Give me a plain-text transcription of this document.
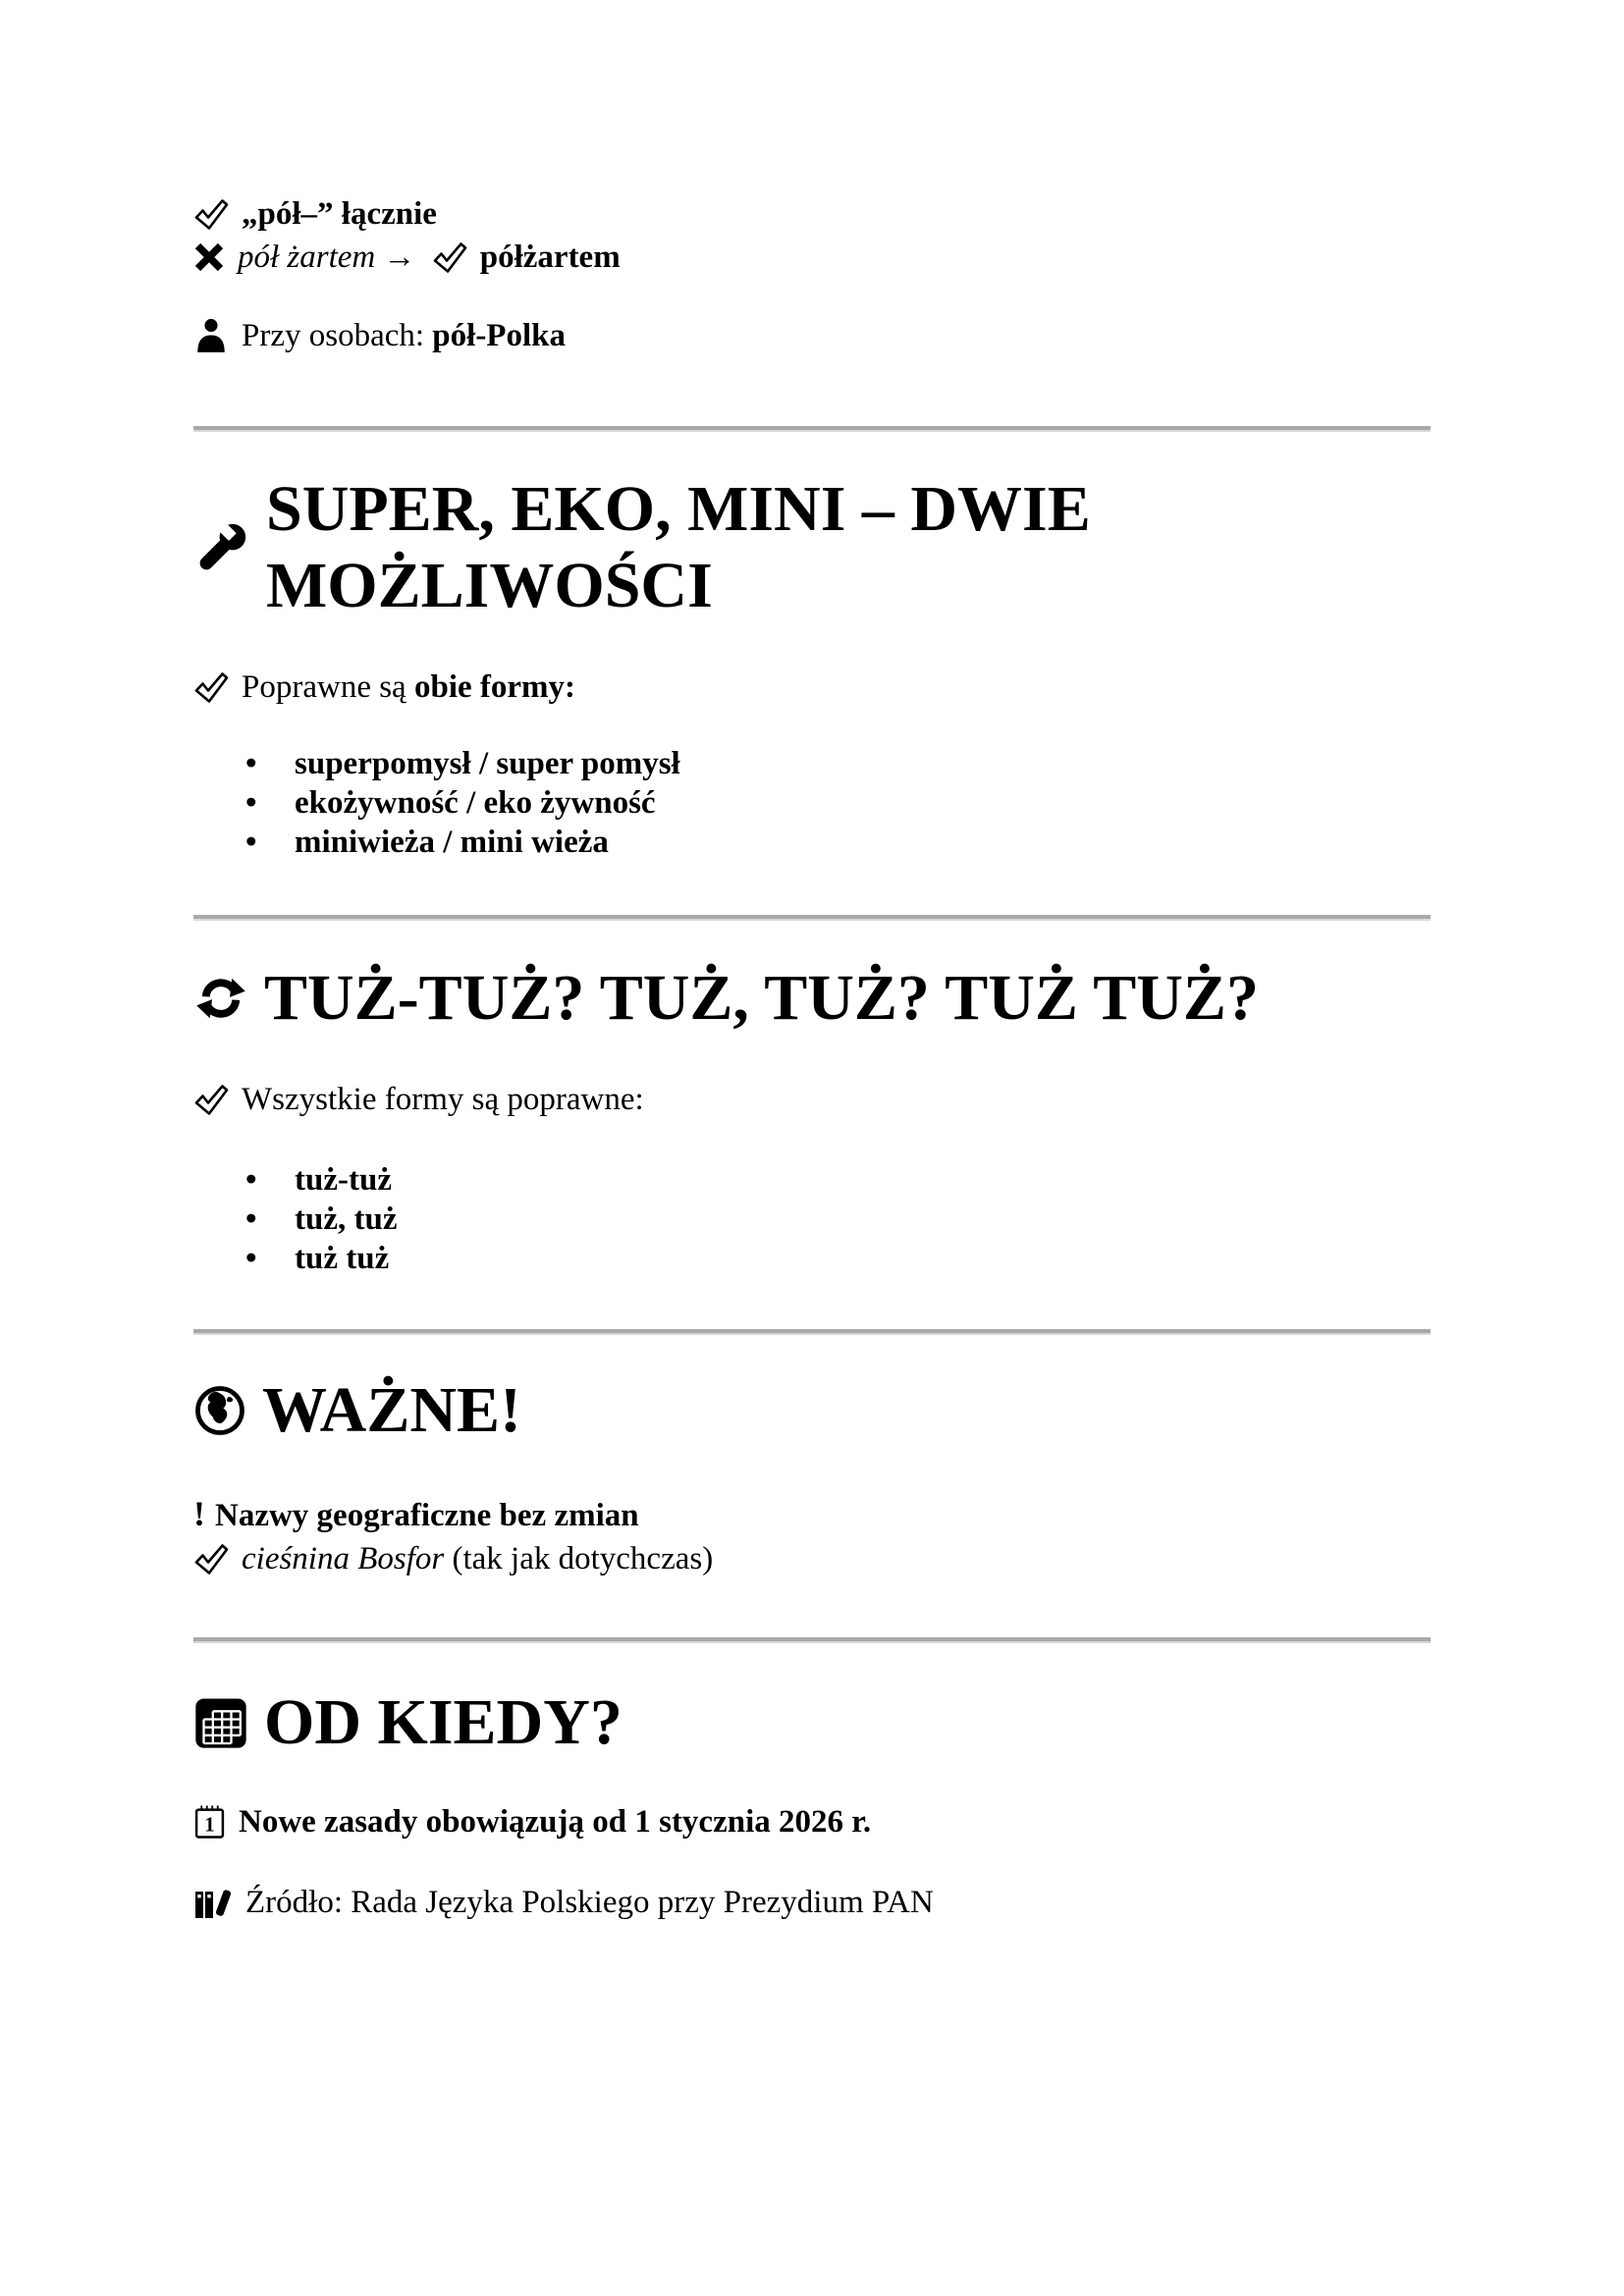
„pół–” łącznie
pół żartem → półżartem
Przy osobach: pół-Polka
SUPER, EKO, MINI – DWIE MOŻLIWOŚCI
Poprawne są obie formy:
• superpomysł / super pomysł
• ekożywność / eko żywność
• miniwieża / mini wieża
TUŻ-TUŻ? TUŻ, TUŻ? TUŻ TUŻ?
Wszystkie formy są poprawne:
• tuż-tuż
• tuż, tuż
• tuż tuż
WAŻNE!
! Nazwy geograficzne bez zmian

cieśnina Bosfor (tak jak dotychczas)
OD KIEDY?
1 Nowe zasady obowiązują od 1 stycznia 2026 r.
Źródło: Rada Języka Polskiego przy Prezydium PAN
